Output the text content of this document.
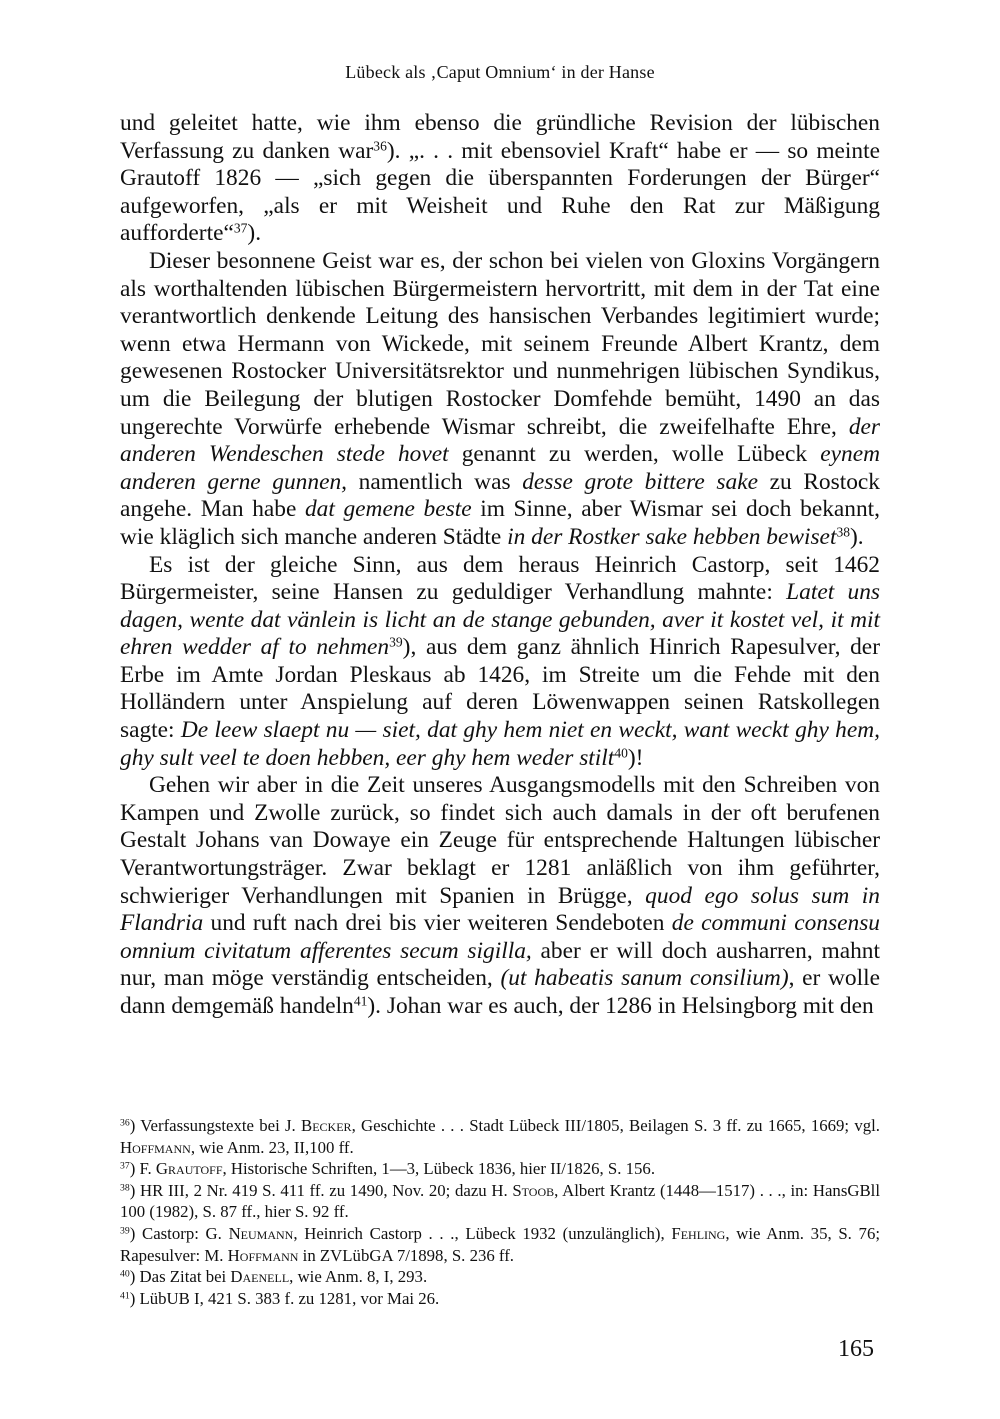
Lübeck als ‚Caput Omnium‘ in der Hanse

und geleitet hatte, wie ihm ebenso die gründliche Revision der lübischen Verfassung zu danken war$^{36}$). „. . . mit ebensoviel Kraft“ habe er — so meinte Grautoff 1826 — „sich gegen die überspannten Forderungen der Bürger“ aufgeworfen, „als er mit Weisheit und Ruhe den Rat zur Mäßigung aufforderte“$^{37}$).

Dieser besonnene Geist war es, der schon bei vielen von Gloxins Vorgängern als worthaltenden lübischen Bürgermeistern hervortritt, mit dem in der Tat eine verantwortlich denkende Leitung des hansischen Verbandes legitimiert wurde; wenn etwa Hermann von Wickede, mit seinem Freunde Albert Krantz, dem gewesenen Rostocker Universitätsrektor und nunmehrigen lübischen Syndikus, um die Beilegung der blutigen Rostocker Domfehde bemüht, 1490 an das ungerechte Vorwürfe erhebende Wismar schreibt, die zweifelhafte Ehre, der anderen Wendeschen stede hovet genannt zu werden, wolle Lübeck eynem anderen gerne gunnen, namentlich was desse grote bittere sake zu Rostock angehe. Man habe dat gemene beste im Sinne, aber Wismar sei doch bekannt, wie kläglich sich manche anderen Städte in der Rostker sake hebben bewiset$^{38}$).

Es ist der gleiche Sinn, aus dem heraus Heinrich Castorp, seit 1462 Bürgermeister, seine Hansen zu geduldiger Verhandlung mahnte: Latet uns dagen, wente dat vänlein is licht an de stange gebunden, aver it kostet vel, it mit ehren wedder af to nehmen$^{39}$), aus dem ganz ähnlich Hinrich Rapesulver, der Erbe im Amte Jordan Pleskaus ab 1426, im Streite um die Fehde mit den Holländern unter Anspielung auf deren Löwenwappen seinen Ratskollegen sagte: De leew slaept nu — siet, dat ghy hem niet en weckt, want weckt ghy hem, ghy sult veel te doen hebben, eer ghy hem weder stilt$^{40}$)!

Gehen wir aber in die Zeit unseres Ausgangsmodells mit den Schreiben von Kampen und Zwolle zurück, so findet sich auch damals in der oft berufenen Gestalt Johans van Dowaye ein Zeuge für entsprechende Haltungen lübischer Verantwortungsträger. Zwar beklagt er 1281 anläßlich von ihm geführter, schwieriger Verhandlungen mit Spanien in Brügge, quod ego solus sum in Flandria und ruft nach drei bis vier weiteren Sendeboten de communi consensu omnium civitatum afferentes secum sigilla, aber er will doch ausharren, mahnt nur, man möge verständig entscheiden, (ut habeatis sanum consilium), er wolle dann demgemäß handeln$^{41}$). Johan war es auch, der 1286 in Helsingborg mit den

$^{36}$) Verfassungstexte bei J. Becker, Geschichte . . . Stadt Lübeck III/1805, Beilagen S. 3 ff. zu 1665, 1669; vgl. Hoffmann, wie Anm. 23, II,100 ff.

$^{37}$) F. Grautoff, Historische Schriften, 1—3, Lübeck 1836, hier II/1826, S. 156.

$^{38}$) HR III, 2 Nr. 419 S. 411 ff. zu 1490, Nov. 20; dazu H. Stoob, Albert Krantz (1448—1517) . . ., in: HansGBll 100 (1982), S. 87 ff., hier S. 92 ff.

$^{39}$) Castorp: G. Neumann, Heinrich Castorp . . ., Lübeck 1932 (unzulänglich), Fehling, wie Anm. 35, S. 76; Rapesulver: M. Hoffmann in ZVLübGA 7/1898, S. 236 ff.

$^{40}$) Das Zitat bei Daenell, wie Anm. 8, I, 293.

$^{41}$) LübUB I, 421 S. 383 f. zu 1281, vor Mai 26.

165
